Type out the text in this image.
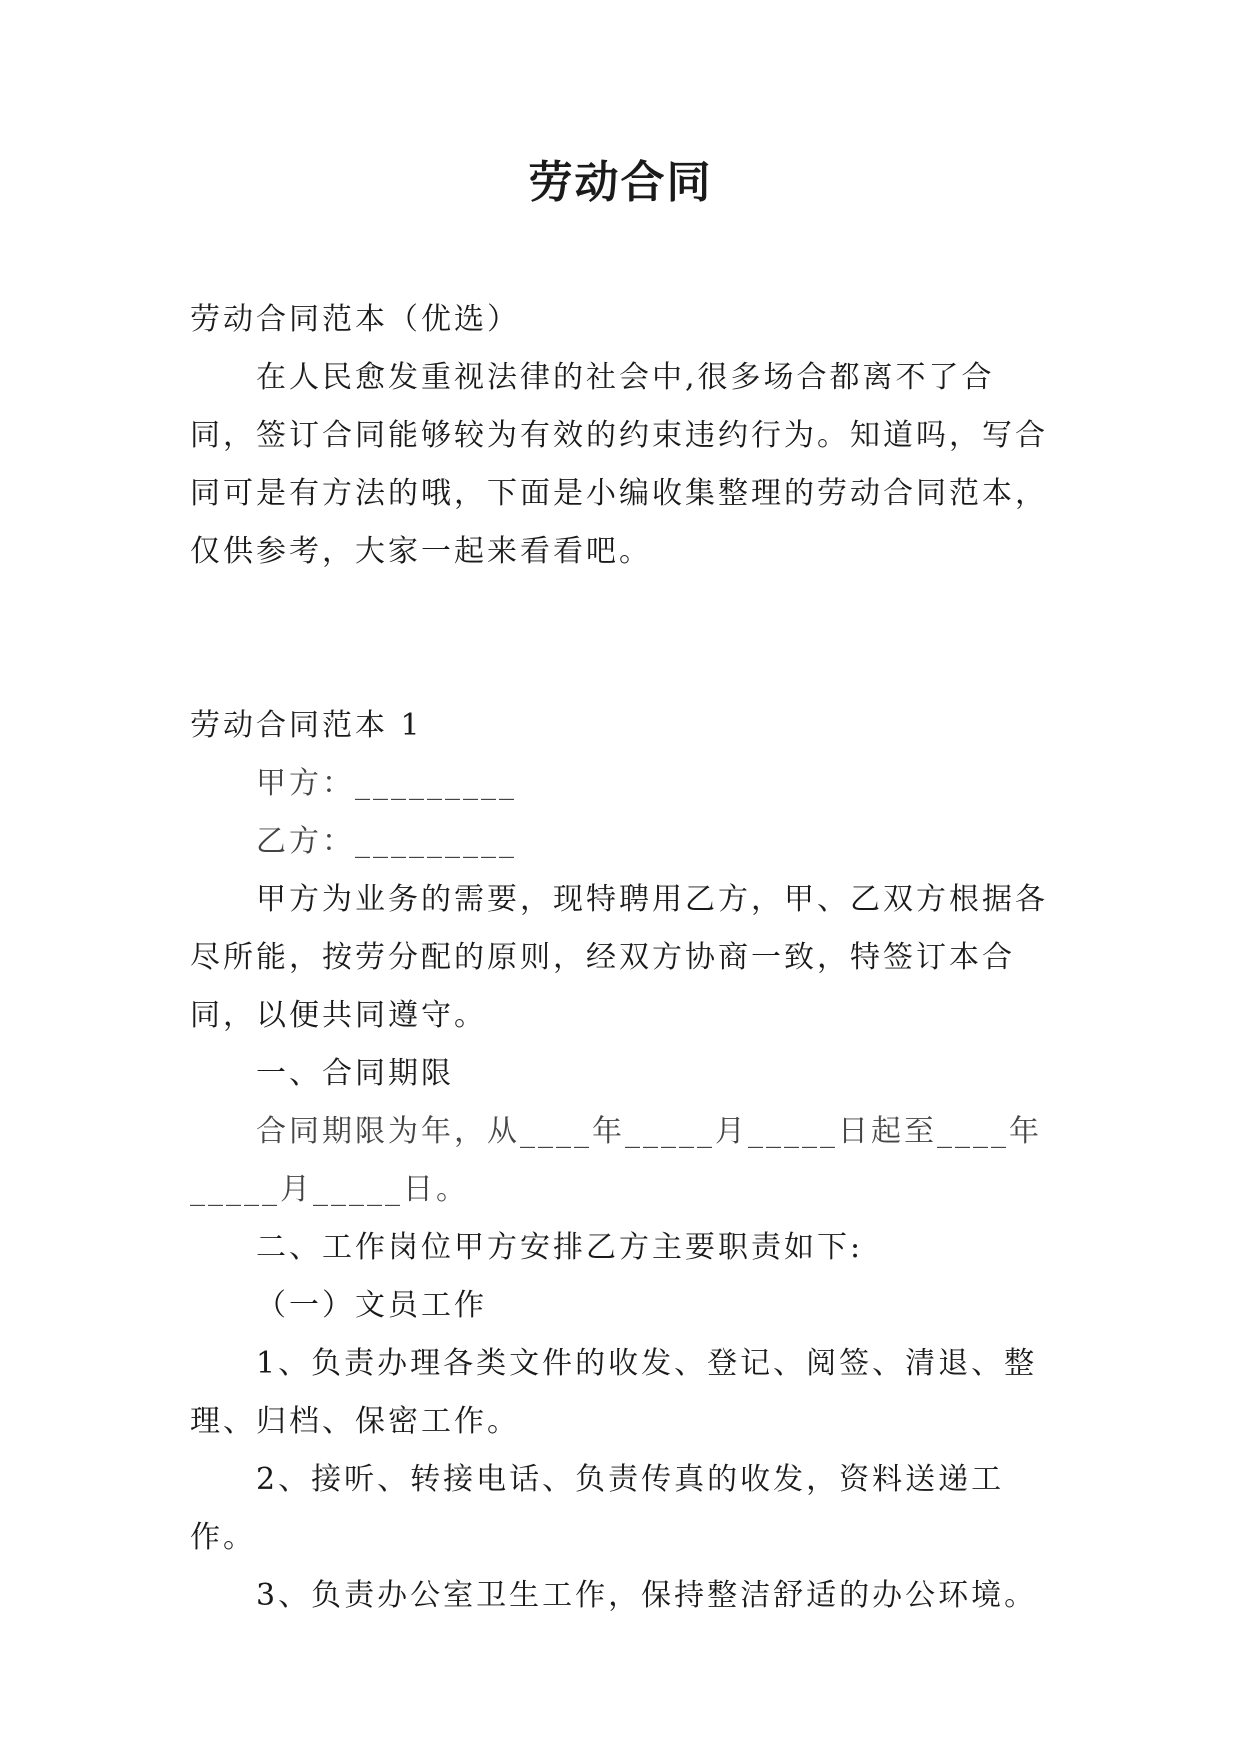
劳动合同

劳动合同范本（优选）

在人民愈发重视法律的社会中,很多场合都离不了合同，签订合同能够较为有效的约束违约行为。知道吗，写合同可是有方法的哦，下面是小编收集整理的劳动合同范本，仅供参考，大家一起来看看吧。

劳动合同范本 1

甲方：_________

乙方：_________

甲方为业务的需要，现特聘用乙方，甲、乙双方根据各尽所能，按劳分配的原则，经双方协商一致，特签订本合同，以便共同遵守。

一、合同期限

合同期限为年，从____年_____月_____日起至____年_____月_____日。

二、工作岗位甲方安排乙方主要职责如下:

（一）文员工作

1、负责办理各类文件的收发、登记、阅签、清退、整理、归档、保密工作。

2、接听、转接电话、负责传真的收发，资料送递工作。

3、负责办公室卫生工作，保持整洁舒适的办公环境。
